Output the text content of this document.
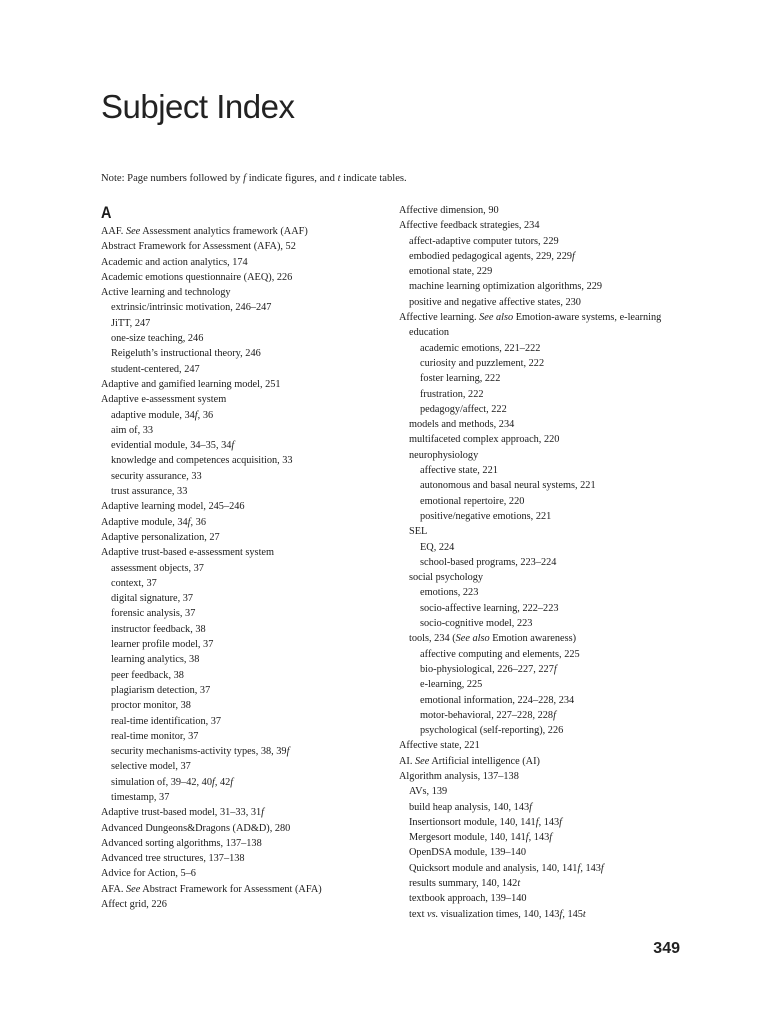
Subject Index
Note: Page numbers followed by f indicate figures, and t indicate tables.
A
AAF. See Assessment analytics framework (AAF)
Abstract Framework for Assessment (AFA), 52
Academic and action analytics, 174
Academic emotions questionnaire (AEQ), 226
Active learning and technology
extrinsic/intrinsic motivation, 246–247
JiTT, 247
one-size teaching, 246
Reigeluth’s instructional theory, 246
student-centered, 247
Adaptive and gamified learning model, 251
Adaptive e-assessment system
adaptive module, 34f, 36
aim of, 33
evidential module, 34–35, 34f
knowledge and competences acquisition, 33
security assurance, 33
trust assurance, 33
Adaptive learning model, 245–246
Adaptive module, 34f, 36
Adaptive personalization, 27
Adaptive trust-based e-assessment system
assessment objects, 37
context, 37
digital signature, 37
forensic analysis, 37
instructor feedback, 38
learner profile model, 37
learning analytics, 38
peer feedback, 38
plagiarism detection, 37
proctor monitor, 38
real-time identification, 37
real-time monitor, 37
security mechanisms-activity types, 38, 39f
selective model, 37
simulation of, 39–42, 40f, 42f
timestamp, 37
Adaptive trust-based model, 31–33, 31f
Advanced Dungeons&Dragons (AD&D), 280
Advanced sorting algorithms, 137–138
Advanced tree structures, 137–138
Advice for Action, 5–6
AFA. See Abstract Framework for Assessment (AFA)
Affect grid, 226
Affective dimension, 90
Affective feedback strategies, 234
affect-adaptive computer tutors, 229
embodied pedagogical agents, 229, 229f
emotional state, 229
machine learning optimization algorithms, 229
positive and negative affective states, 230
Affective learning. See also Emotion-aware systems, e-learning
education
academic emotions, 221–222
curiosity and puzzlement, 222
foster learning, 222
frustration, 222
pedagogy/affect, 222
models and methods, 234
multifaceted complex approach, 220
neurophysiology
affective state, 221
autonomous and basal neural systems, 221
emotional repertoire, 220
positive/negative emotions, 221
SEL
EQ, 224
school-based programs, 223–224
social psychology
emotions, 223
socio-affective learning, 222–223
socio-cognitive model, 223
tools, 234 (See also Emotion awareness)
affective computing and elements, 225
bio-physiological, 226–227, 227f
e-learning, 225
emotional information, 224–228, 234
motor-behavioral, 227–228, 228f
psychological (self-reporting), 226
Affective state, 221
AI. See Artificial intelligence (AI)
Algorithm analysis, 137–138
AVs, 139
build heap analysis, 140, 143f
Insertionsort module, 140, 141f, 143f
Mergesort module, 140, 141f, 143f
OpenDSA module, 139–140
Quicksort module and analysis, 140, 141f, 143f
results summary, 140, 142t
textbook approach, 139–140
text vs. visualization times, 140, 143f, 145t
349
